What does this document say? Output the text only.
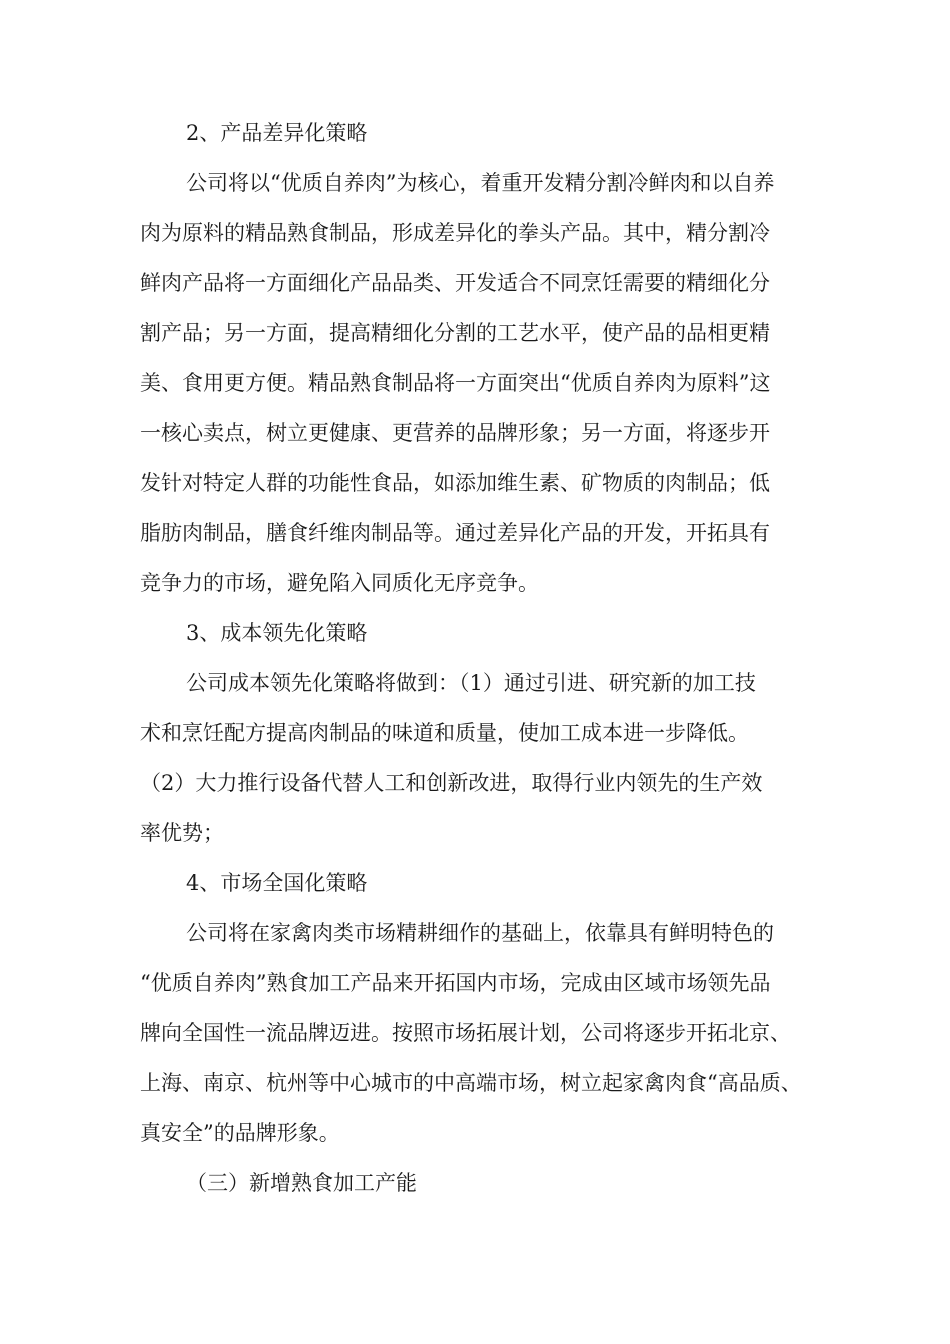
2、产品差异化策略
公司将以“优质自养肉”为核心，着重开发精分割冷鲜肉和以自养
肉为原料的精品熟食制品，形成差异化的拳头产品。其中，精分割冷
鲜肉产品将一方面细化产品品类、开发适合不同烹饪需要的精细化分
割产品；另一方面，提高精细化分割的工艺水平，使产品的品相更精
美、食用更方便。精品熟食制品将一方面突出“优质自养肉为原料”这
一核心卖点，树立更健康、更营养的品牌形象；另一方面，将逐步开
发针对特定人群的功能性食品，如添加维生素、矿物质的肉制品；低
脂肪肉制品，膳食纤维肉制品等。通过差异化产品的开发，开拓具有
竞争力的市场，避免陷入同质化无序竞争。
3、成本领先化策略
公司成本领先化策略将做到：（1）通过引进、研究新的加工技
术和烹饪配方提高肉制品的味道和质量，使加工成本进一步降低。
（2）大力推行设备代替人工和创新改进，取得行业内领先的生产效
率优势；
4、市场全国化策略
公司将在家禽肉类市场精耕细作的基础上，依靠具有鲜明特色的
“优质自养肉”熟食加工产品来开拓国内市场，完成由区域市场领先品
牌向全国性一流品牌迈进。按照市场拓展计划，公司将逐步开拓北京、
上海、南京、杭州等中心城市的中高端市场，树立起家禽肉食“高品质、
真安全”的品牌形象。
（三）新增熟食加工产能
